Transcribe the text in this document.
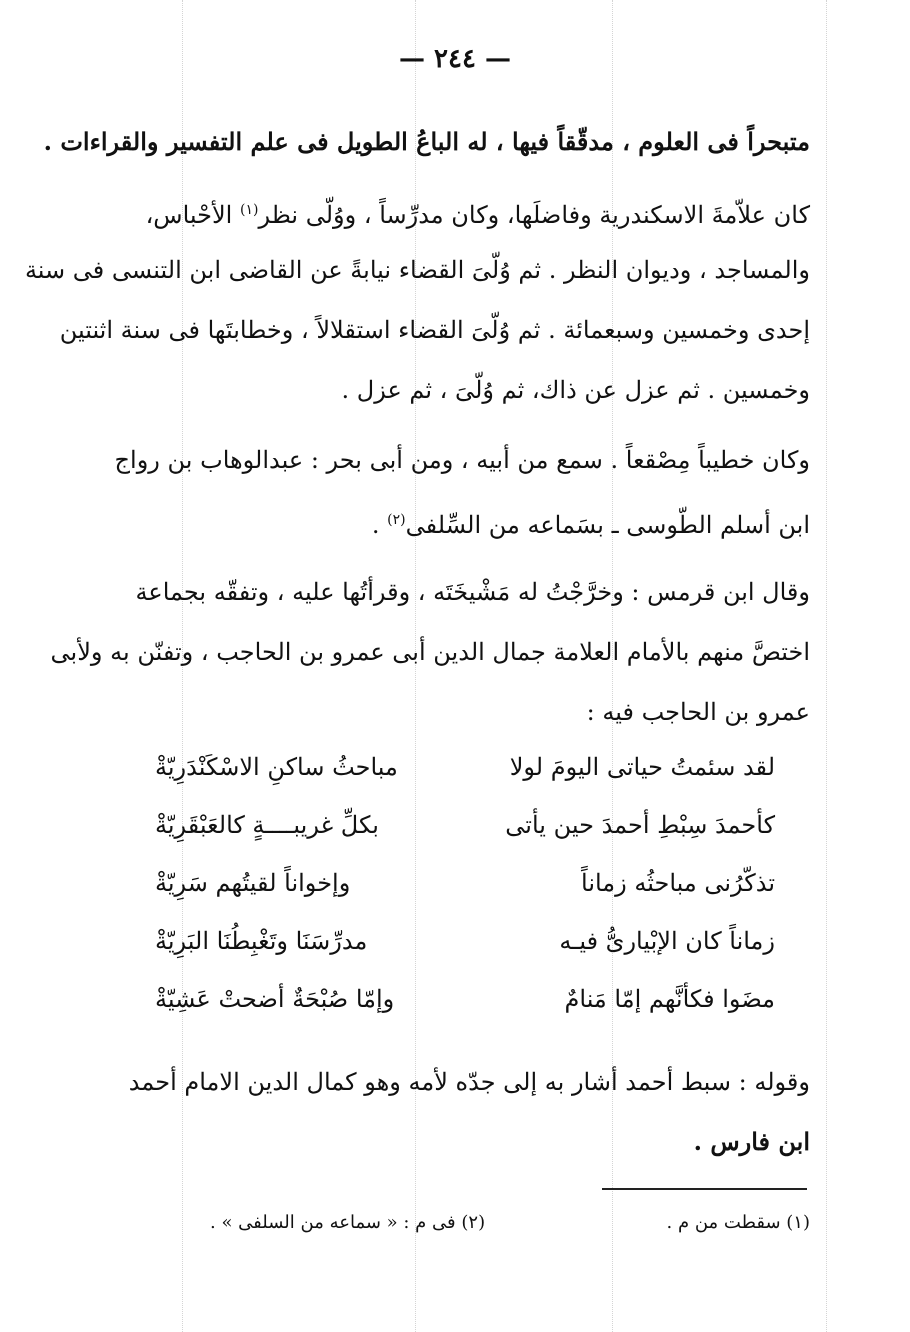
— ٢٤٤ —
متبحراً فى العلوم ، مدقّقاً فيها ، له الباعُ الطويل فى علم التفسير والقراءات .
كان علاّمةَ الاسكندرية وفاضلَها، وكان مدرِّساً ، ووُلّى نظر$^{(١)}$ الأحْباس،
والمساجد ، وديوان النظر . ثم وُلّىَ القضاء نيابةً عن القاضى ابن التنسى فى سنة
إحدى وخمسين وسبعمائة . ثم وُلّىَ القضاء استقلالاً ، وخطابتَها فى سنة اثنتين
وخمسين . ثم عزل عن ذاك، ثم وُلّىَ ، ثم عزل .
وكان خطيباً مِصْقعاً . سمع من أبيه ، ومن أبى بحر : عبدالوهاب بن رواج
ابن أسلم الطّوسى ـ بسَماعه من السِّلفى$^{(٢)}$ .
وقال ابن قرمس : وخرَّجْتُ له مَشْيخَتَه ، وقرأتُها عليه ، وتفقّه بجماعة
اختصَّ منهم بالأمام العلامة جمال الدين أبى عمرو بن الحاجب ، وتفنّن به ولأبى
عمرو بن الحاجب فيه :
لقد سئمتُ حياتى اليومَ لولا
مباحثُ ساكنِ الاسْكَنْدَرِيّةْ
كأحمدَ سِبْطِ أحمدَ حين يأتى
بكلِّ غريبــــةٍ كالعَبْقَرِيّةْ
تذكّرُنى مباحثُه زماناً
وإخواناً لقيتُهم سَرِيّةْ
زماناً كان الإبْيارىُّ فيـه
مدرِّسَنَا وتَغْبِطُنَا البَرِيّةْ
مضَوا فكأنَّهم إمّا مَنامٌ
وإمّا صُبْحَةٌ أضحتْ عَشِيّةْ
وقوله : سبط أحمد أشار به إلى جدّه لأمه وهو كمال الدين الامام أحمد
ابن فارس .
(١) سقطت من م .
(٢) فى م : « سماعه من السلفى » .
